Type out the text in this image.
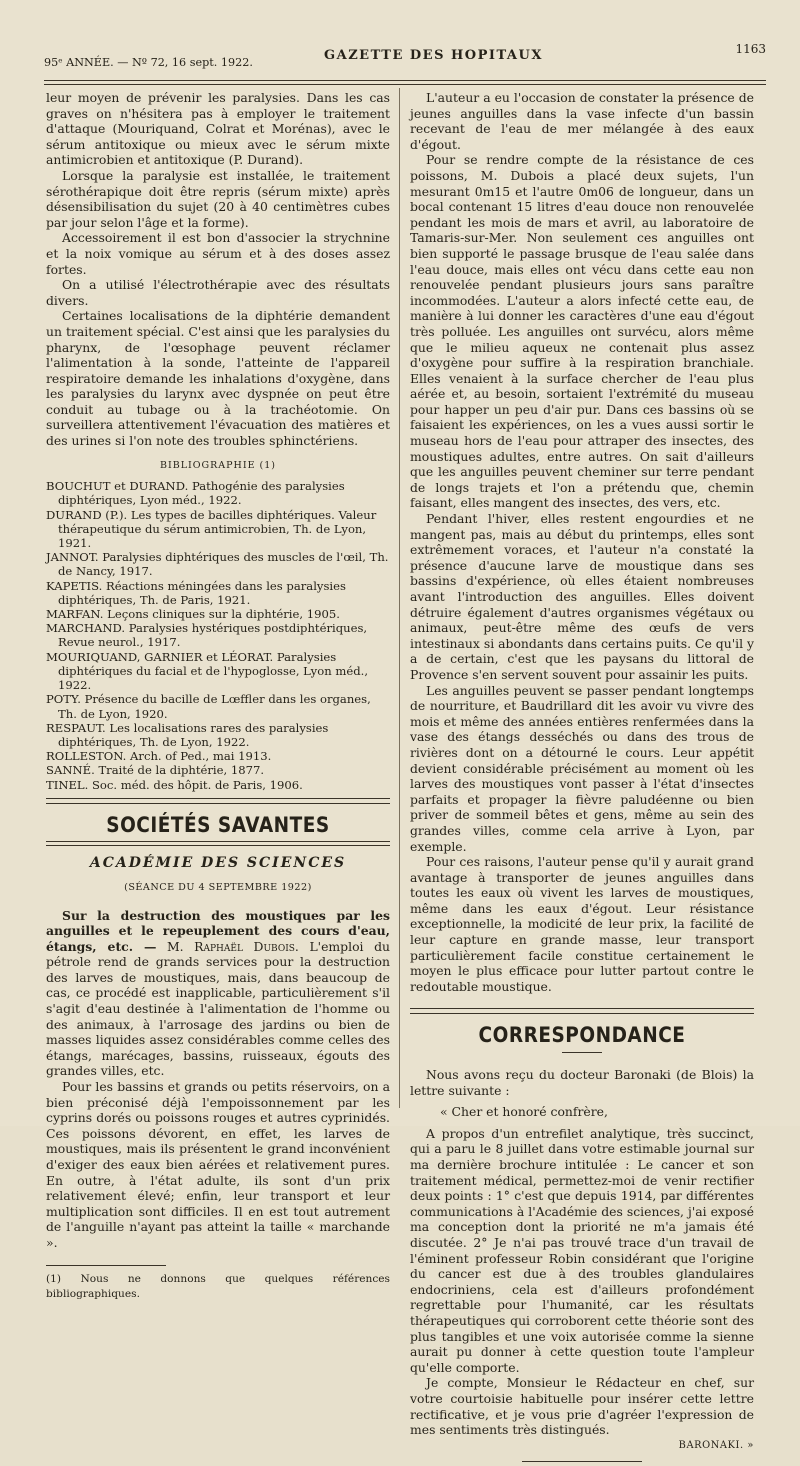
95ᵉ ANNÉE. — Nº 72, 16 sept. 1922.	GAZETTE DES HOPITAUX	1163

leur moyen de prévenir les paralysies. Dans les cas graves on n'hésitera pas à employer le traitement d'attaque (Mouriquand, Colrat et Morénas), avec le sérum antitoxique ou mieux avec le sérum mixte antimicrobien et antitoxique (P. Durand).

Lorsque la paralysie est installée, le traitement sérothérapique doit être repris (sérum mixte) après désensibilisation du sujet (20 à 40 centimètres cubes par jour selon l'âge et la forme).

Accessoirement il est bon d'associer la strychnine et la noix vomique au sérum et à des doses assez fortes.

On a utilisé l'électrothérapie avec des résultats divers.

Certaines localisations de la diphtérie demandent un traitement spécial. C'est ainsi que les paralysies du pharynx, de l'œsophage peuvent réclamer l'alimentation à la sonde, l'atteinte de l'appareil respiratoire demande les inhalations d'oxygène, dans les paralysies du larynx avec dyspnée on peut être conduit au tubage ou à la trachéotomie. On surveillera attentivement l'évacuation des matières et des urines si l'on note des troubles sphinctériens.

BIBLIOGRAPHIE (1)

BOUCHUT et DURAND. Pathogénie des paralysies diphtériques, Lyon méd., 1922.

DURAND (P.). Les types de bacilles diphtériques. Valeur thérapeutique du sérum antimicrobien, Th. de Lyon, 1921.

JANNOT. Paralysies diphtériques des muscles de l'œil, Th. de Nancy, 1917.

KAPETIS. Réactions méningées dans les paralysies diphtériques, Th. de Paris, 1921.

MARFAN. Leçons cliniques sur la diphtérie, 1905.

MARCHAND. Paralysies hystériques postdiphtériques, Revue neurol., 1917.

MOURIQUAND, GARNIER et LÉORAT. Paralysies diphtériques du facial et de l'hypoglosse, Lyon méd., 1922.

POTY. Présence du bacille de Lœffler dans les organes, Th. de Lyon, 1920.

RESPAUT. Les localisations rares des paralysies diphtériques, Th. de Lyon, 1922.

ROLLESTON. Arch. of Ped., mai 1913.

SANNÉ. Traité de la diphtérie, 1877.

TINEL. Soc. méd. des hôpit. de Paris, 1906.

SOCIÉTÉS SAVANTES
ACADÉMIE DES SCIENCES
(SÉANCE DU 4 SEPTEMBRE 1922)

Sur la destruction des moustiques par les anguilles et le repeuplement des cours d'eau, étangs, etc. — M. Raphaël Dubois. L'emploi du pétrole rend de grands services pour la destruction des larves de moustiques, mais, dans beaucoup de cas, ce procédé est inapplicable, particulièrement s'il s'agit d'eau destinée à l'alimentation de l'homme ou des animaux, à l'arrosage des jardins ou bien de masses liquides assez considérables comme celles des étangs, marécages, bassins, ruisseaux, égouts des grandes villes, etc.

Pour les bassins et grands ou petits réservoirs, on a bien préconisé déjà l'empoissonnement par les cyprins dorés ou poissons rouges et autres cyprinidés. Ces poissons dévorent, en effet, les larves de moustiques, mais ils présentent le grand inconvénient d'exiger des eaux bien aérées et relativement pures. En outre, à l'état adulte, ils sont d'un prix relativement élevé; enfin, leur transport et leur multiplication sont difficiles. Il en est tout autrement de l'anguille n'ayant pas atteint la taille « marchande ».

(1) Nous ne donnons que quelques références bibliographiques.

L'auteur a eu l'occasion de constater la présence de jeunes anguilles dans la vase infecte d'un bassin recevant de l'eau de mer mélangée à des eaux d'égout.

Pour se rendre compte de la résistance de ces poissons, M. Dubois a placé deux sujets, l'un mesurant 0m15 et l'autre 0m06 de longueur, dans un bocal contenant 15 litres d'eau douce non renouvelée pendant les mois de mars et avril, au laboratoire de Tamaris-sur-Mer. Non seulement ces anguilles ont bien supporté le passage brusque de l'eau salée dans l'eau douce, mais elles ont vécu dans cette eau non renouvelée pendant plusieurs jours sans paraître incommodées. L'auteur a alors infecté cette eau, de manière à lui donner les caractères d'une eau d'égout très polluée. Les anguilles ont survécu, alors même que le milieu aqueux ne contenait plus assez d'oxygène pour suffire à la respiration branchiale. Elles venaient à la surface chercher de l'eau plus aérée et, au besoin, sortaient l'extrémité du museau pour happer un peu d'air pur. Dans ces bassins où se faisaient les expériences, on les a vues aussi sortir le museau hors de l'eau pour attraper des insectes, des moustiques adultes, entre autres. On sait d'ailleurs que les anguilles peuvent cheminer sur terre pendant de longs trajets et l'on a prétendu que, chemin faisant, elles mangent des insectes, des vers, etc.

Pendant l'hiver, elles restent engourdies et ne mangent pas, mais au début du printemps, elles sont extrêmement voraces, et l'auteur n'a constaté la présence d'aucune larve de moustique dans ses bassins d'expérience, où elles étaient nombreuses avant l'introduction des anguilles. Elles doivent détruire également d'autres organismes végétaux ou animaux, peut-être même des œufs de vers intestinaux si abondants dans certains puits. Ce qu'il y a de certain, c'est que les paysans du littoral de Provence s'en servent souvent pour assainir les puits.

Les anguilles peuvent se passer pendant longtemps de nourriture, et Baudrillard dit les avoir vu vivre des mois et même des années entières renfermées dans la vase des étangs desséchés ou dans des trous de rivières dont on a détourné le cours. Leur appétit devient considérable précisément au moment où les larves des moustiques vont passer à l'état d'insectes parfaits et propager la fièvre paludéenne ou bien priver de sommeil bêtes et gens, même au sein des grandes villes, comme cela arrive à Lyon, par exemple.

Pour ces raisons, l'auteur pense qu'il y aurait grand avantage à transporter de jeunes anguilles dans toutes les eaux où vivent les larves de moustiques, même dans les eaux d'égout. Leur résistance exceptionnelle, la modicité de leur prix, la facilité de leur capture en grande masse, leur transport particulièrement facile constitue certainement le moyen le plus efficace pour lutter partout contre le redoutable moustique.

CORRESPONDANCE

Nous avons reçu du docteur Baronaki (de Blois) la lettre suivante :

« Cher et honoré confrère,

A propos d'un entrefilet analytique, très succinct, qui a paru le 8 juillet dans votre estimable journal sur ma dernière brochure intitulée : Le cancer et son traitement médical, permettez-moi de venir rectifier deux points : 1° c'est que depuis 1914, par différentes communications à l'Académie des sciences, j'ai exposé ma conception dont la priorité ne m'a jamais été discutée. 2° Je n'ai pas trouvé trace d'un travail de l'éminent professeur Robin considérant que l'origine du cancer est due à des troubles glandulaires endocriniens, cela est d'ailleurs profondément regrettable pour l'humanité, car les résultats thérapeutiques qui corroborent cette théorie sont des plus tangibles et une voix autorisée comme la sienne aurait pu donner à cette question toute l'ampleur qu'elle comporte.

Je compte, Monsieur le Rédacteur en chef, sur votre courtoisie habituelle pour insérer cette lettre rectificative, et je vous prie d'agréer l'expression de mes sentiments très distingués.

BARONAKI. »
